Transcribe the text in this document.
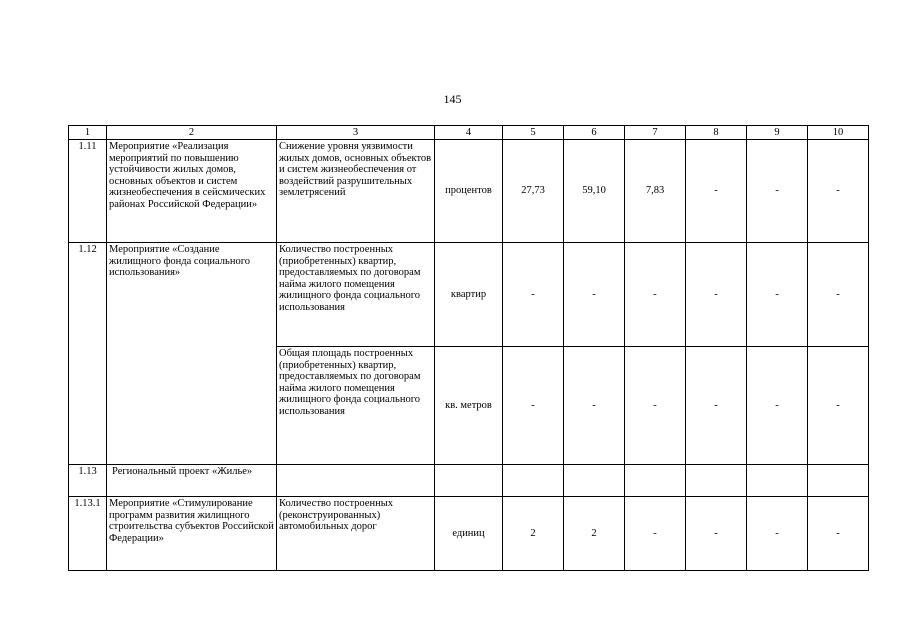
145
1	2	3	4	5	6	7	8	9	10
1.11	Мероприятие «Реализация мероприятий по повышению устойчивости жилых домов, основных объектов и систем жизнеобеспечения в сейсмических районах Российской Федерации»	Снижение уровня уязвимости жилых домов, основных объектов и систем жизнеобеспечения от воздействий разрушительных землетрясений	процентов	27,73	59,10	7,83	-	-	-
1.12	Мероприятие «Создание жилищного фонда социального использования»	Количество построенных (приобретенных) квартир, предоставляемых по договорам найма жилого помещения жилищного фонда социального использования	квартир	-	-	-	-	-	-
		Общая площадь построенных (приобретенных) квартир, предоставляемых по договорам найма жилого помещения жилищного фонда социального использования	кв. метров	-	-	-	-	-	-
1.13	Региональный проект «Жилье»								
1.13.1	Мероприятие «Стимулирование программ развития жилищного строительства субъектов Российской Федерации»	Количество построенных (реконструированных) автомобильных дорог	единиц	2	2	-	-	-	-
